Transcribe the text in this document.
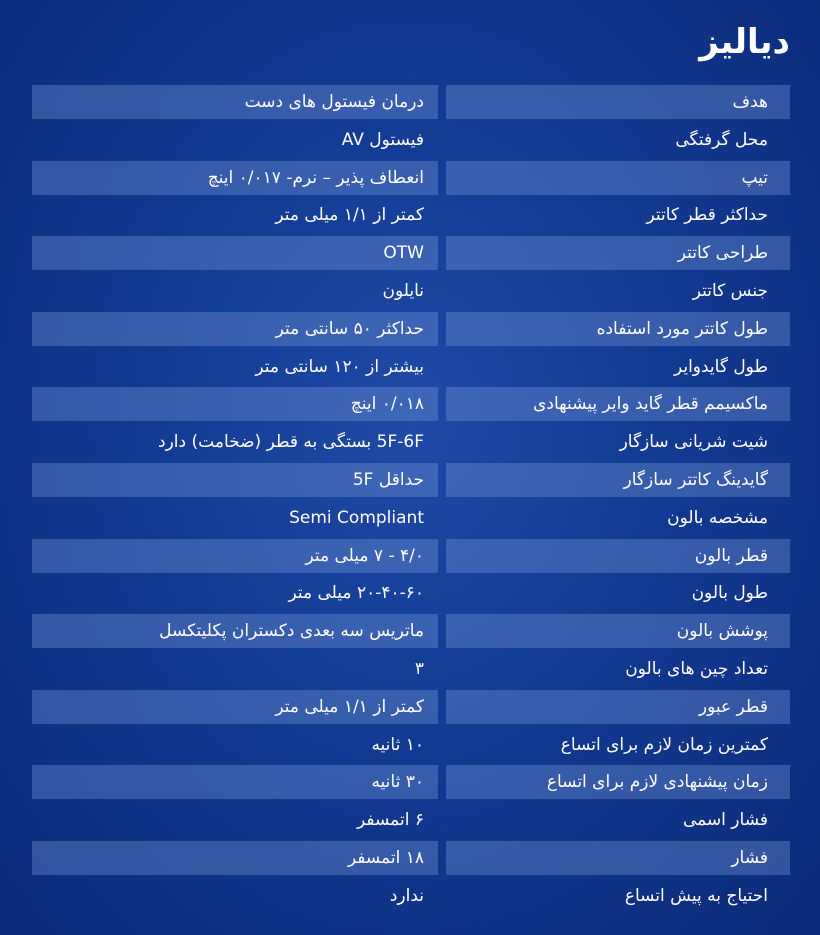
دیالیز
هدف
درمان فیستول های دست
محل گرفتگی
فیستول AV
تیپ
انعطاف پذیر – نرم- ۰/۰۱۷ اینچ
حداکثر قطر کاتتر
کمتر از ۱/۱ میلی متر
طراحی کاتتر
OTW
جنس کاتتر
نایلون
طول کاتتر مورد استفاده
حداکثر ۵۰ سانتی متر
طول گایدوایر
بیشتر از ۱۲۰ سانتی متر
ماکسیمم قطر گاید وایر پیشنهادی
۰/۰۱۸ اینچ
شیت شریانی سازگار
5F-6F بستگی به قطر (ضخامت) دارد
گایدینگ کاتتر سازگار
حداقل 5F
مشخصه بالون
Semi Compliant
قطر بالون
۴/۰ - ۷ میلی متر
طول بالون
۲۰-۴۰-۶۰ میلی متر
پوشش بالون
ماتریس سه بعدی دکستران پکلیتکسل
تعداد چین های بالون
۳
قطر عبور
کمتر از ۱/۱ میلی متر
کمترین زمان لازم برای اتساع
۱۰ ثانیه
زمان پیشنهادی لازم برای اتساع
۳۰ ثانیه
فشار اسمی
۶ اتمسفر
فشار
۱۸ اتمسفر
احتیاج به پیش اتساع
ندارد
